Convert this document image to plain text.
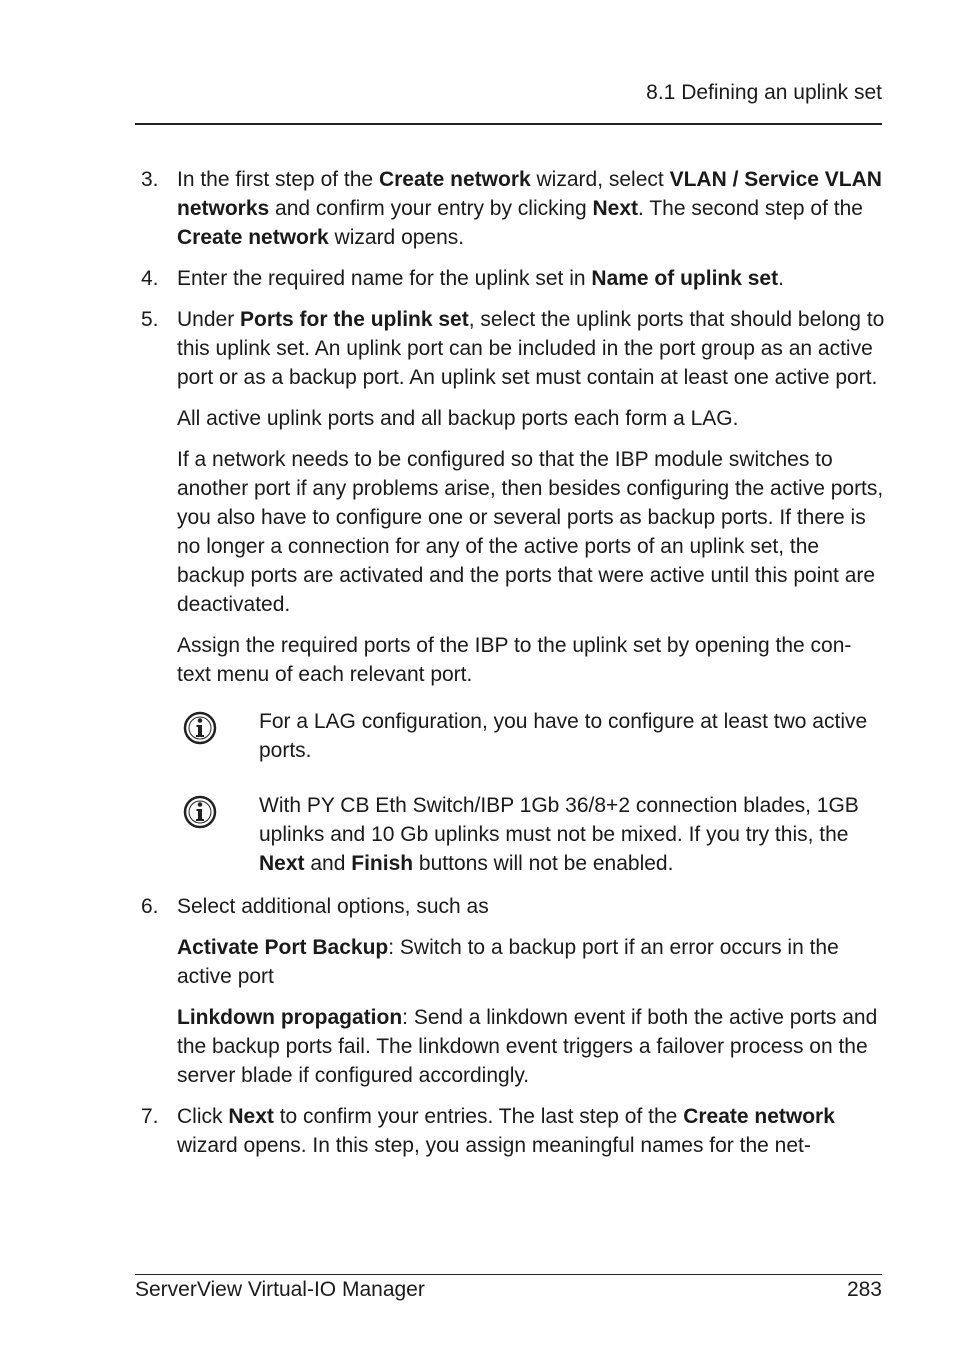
8.1 Defining an uplink set
3. In the first step of the Create network wizard, select VLAN / Service VLAN networks and confirm your entry by clicking Next. The second step of the Create network wizard opens.
4. Enter the required name for the uplink set in Name of uplink set.
5. Under Ports for the uplink set, select the uplink ports that should belong to this uplink set. An uplink port can be included in the port group as an active port or as a backup port. An uplink set must contain at least one active port.
All active uplink ports and all backup ports each form a LAG.
If a network needs to be configured so that the IBP module switches to another port if any problems arise, then besides configuring the active ports, you also have to configure one or several ports as backup ports. If there is no longer a connection for any of the active ports of an uplink set, the backup ports are activated and the ports that were active until this point are deactivated.
Assign the required ports of the IBP to the uplink set by opening the con-text menu of each relevant port.
For a LAG configuration, you have to configure at least two active ports.
With PY CB Eth Switch/IBP 1Gb 36/8+2 connection blades, 1GB uplinks and 10 Gb uplinks must not be mixed. If you try this, the Next and Finish buttons will not be enabled.
6. Select additional options, such as
Activate Port Backup: Switch to a backup port if an error occurs in the active port
Linkdown propagation: Send a linkdown event if both the active ports and the backup ports fail. The linkdown event triggers a failover process on the server blade if configured accordingly.
7. Click Next to confirm your entries. The last step of the Create network wizard opens. In this step, you assign meaningful names for the net-
ServerView Virtual-IO Manager	283
